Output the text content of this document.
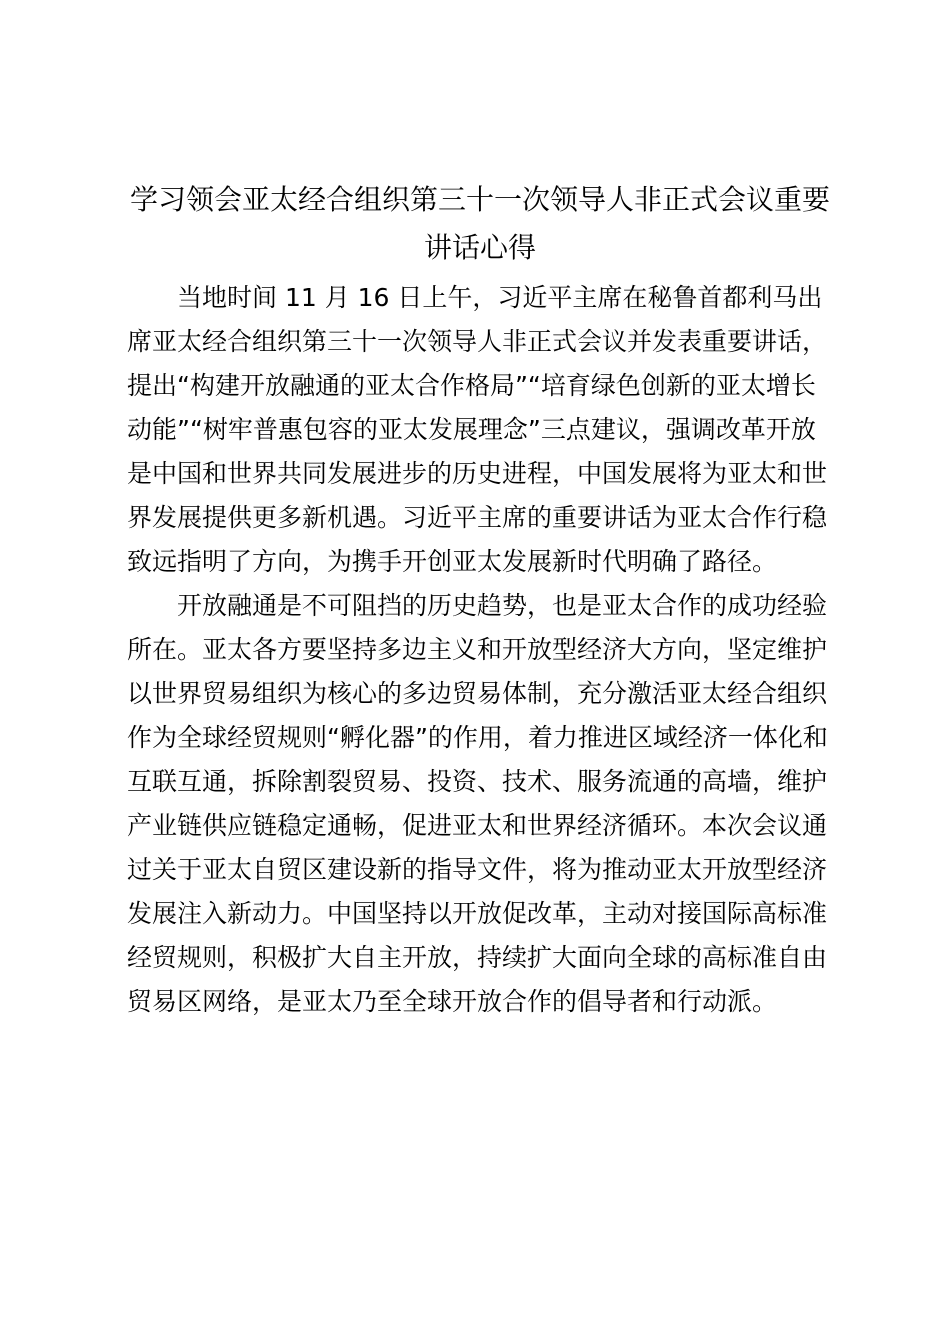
学习领会亚太经合组织第三十一次领导人非正式会议重要讲话心得

当地时间 11 月 16 日上午，习近平主席在秘鲁首都利马出席亚太经合组织第三十一次领导人非正式会议并发表重要讲话，提出“构建开放融通的亚太合作格局”“培育绿色创新的亚太增长动能”“树牢普惠包容的亚太发展理念”三点建议，强调改革开放是中国和世界共同发展进步的历史进程，中国发展将为亚太和世界发展提供更多新机遇。习近平主席的重要讲话为亚太合作行稳致远指明了方向，为携手开创亚太发展新时代明确了路径。

开放融通是不可阻挡的历史趋势，也是亚太合作的成功经验所在。亚太各方要坚持多边主义和开放型经济大方向，坚定维护以世界贸易组织为核心的多边贸易体制，充分激活亚太经合组织作为全球经贸规则“孵化器”的作用，着力推进区域经济一体化和互联互通，拆除割裂贸易、投资、技术、服务流通的高墙，维护产业链供应链稳定通畅，促进亚太和世界经济循环。本次会议通过关于亚太自贸区建设新的指导文件，将为推动亚太开放型经济发展注入新动力。中国坚持以开放促改革，主动对接国际高标准经贸规则，积极扩大自主开放，持续扩大面向全球的高标准自由贸易区网络，是亚太乃至全球开放合作的倡导者和行动派。
